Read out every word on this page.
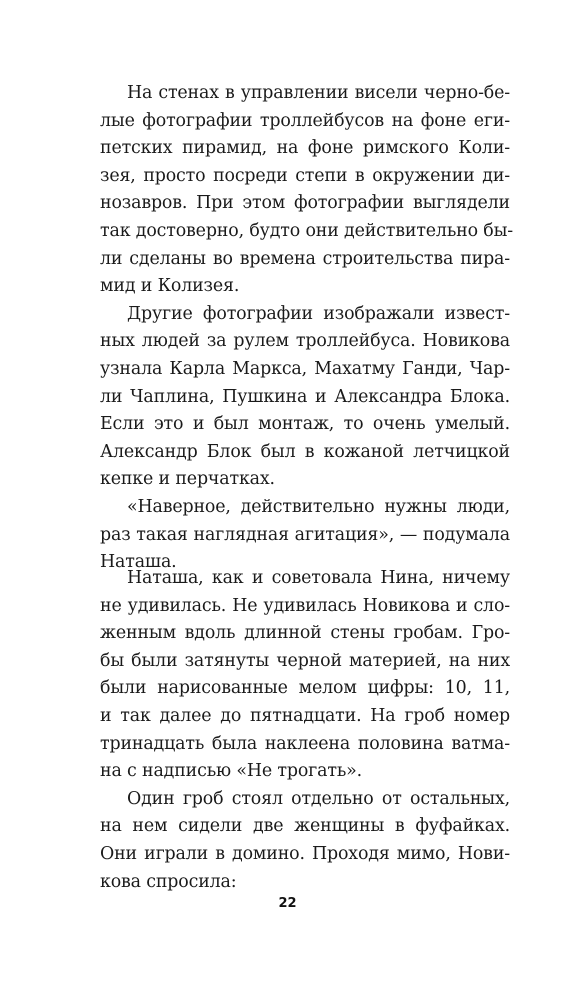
На стенах в управлении висели черно-бе-
лые фотографии троллейбусов на фоне еги-
петских пирамид, на фоне римского Коли-
зея, просто посреди степи в окружении ди-
нозавров. При этом фотографии выглядели
так достоверно, будто они действительно бы-
ли сделаны во времена строительства пира-
мид и Колизея.
Другие фотографии изображали извест-
ных людей за рулем троллейбуса. Новикова
узнала Карла Маркса, Махатму Ганди, Чар-
ли Чаплина, Пушкина и Александра Блока.
Если это и был монтаж, то очень умелый.
Александр Блок был в кожаной летчицкой
кепке и перчатках.
«Наверное, действительно нужны люди,
раз такая наглядная агитация», — подумала
Наташа.
Наташа, как и советовала Нина, ничему
не удивилась. Не удивилась Новикова и сло-
женным вдоль длинной стены гробам. Гро-
бы были затянуты черной материей, на них
были нарисованные мелом цифры: 10, 11,
и так далее до пятнадцати. На гроб номер
тринадцать была наклеена половина ватма-
на с надписью «Не трогать».
Один гроб стоял отдельно от остальных,
на нем сидели две женщины в фуфайках.
Они играли в домино. Проходя мимо, Нови-
кова спросила:
22
